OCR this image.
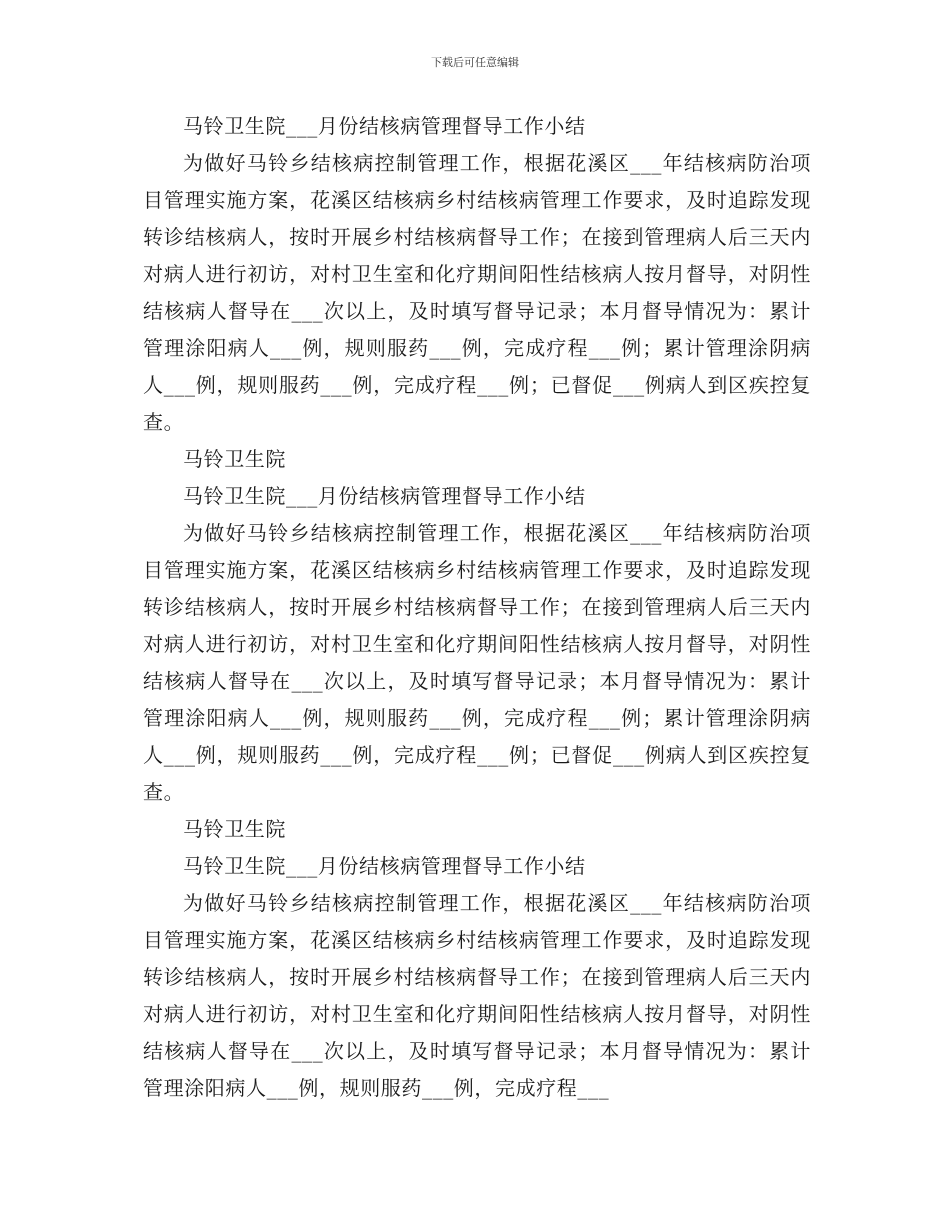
下载后可任意编辑

马铃卫生院___月份结核病管理督导工作小结

为做好马铃乡结核病控制管理工作，根据花溪区___年结核病防治项目管理实施方案，花溪区结核病乡村结核病管理工作要求，及时追踪发现转诊结核病人，按时开展乡村结核病督导工作；在接到管理病人后三天内对病人进行初访，对村卫生室和化疗期间阳性结核病人按月督导，对阴性结核病人督导在___次以上，及时填写督导记录；本月督导情况为：累计管理涂阳病人___例，规则服药___例，完成疗程___例；累计管理涂阴病人___例，规则服药___例，完成疗程___例；已督促___例病人到区疾控复查。

马铃卫生院

马铃卫生院___月份结核病管理督导工作小结

为做好马铃乡结核病控制管理工作，根据花溪区___年结核病防治项目管理实施方案，花溪区结核病乡村结核病管理工作要求，及时追踪发现转诊结核病人，按时开展乡村结核病督导工作；在接到管理病人后三天内对病人进行初访，对村卫生室和化疗期间阳性结核病人按月督导，对阴性结核病人督导在___次以上，及时填写督导记录；本月督导情况为：累计管理涂阳病人___例，规则服药___例，完成疗程___例；累计管理涂阴病人___例，规则服药___例，完成疗程___例；已督促___例病人到区疾控复查。

马铃卫生院

马铃卫生院___月份结核病管理督导工作小结

为做好马铃乡结核病控制管理工作，根据花溪区___年结核病防治项目管理实施方案，花溪区结核病乡村结核病管理工作要求，及时追踪发现转诊结核病人，按时开展乡村结核病督导工作；在接到管理病人后三天内对病人进行初访，对村卫生室和化疗期间阳性结核病人按月督导，对阴性结核病人督导在___次以上，及时填写督导记录；本月督导情况为：累计管理涂阳病人___例，规则服药___例，完成疗程___
